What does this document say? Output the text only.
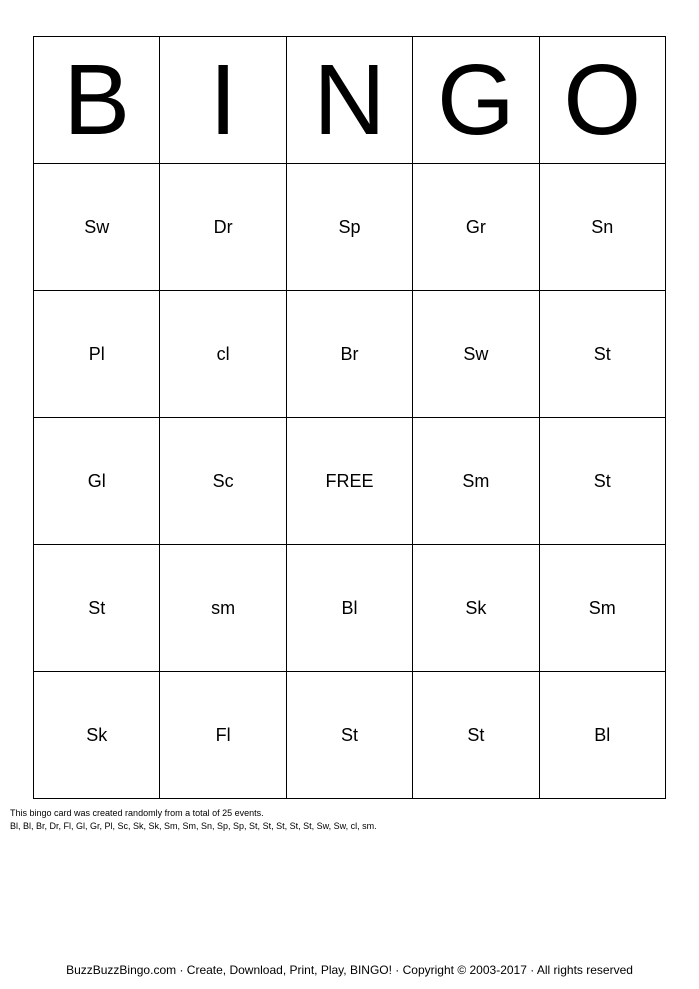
B	I	N	G	O
Sw	Dr	Sp	Gr	Sn
Pl	cl	Br	Sw	St
Gl	Sc	FREE	Sm	St
St	sm	Bl	Sk	Sm
Sk	Fl	St	St	Bl
This bingo card was created randomly from a total of 25 events.
Bl, Bl, Br, Dr, Fl, Gl, Gr, Pl, Sc, Sk, Sk, Sm, Sm, Sn, Sp, Sp, St, St, St, St, St, Sw, Sw, cl, sm.
BuzzBuzzBingo.com · Create, Download, Print, Play, BINGO! · Copyright © 2003-2017 · All rights reserved
